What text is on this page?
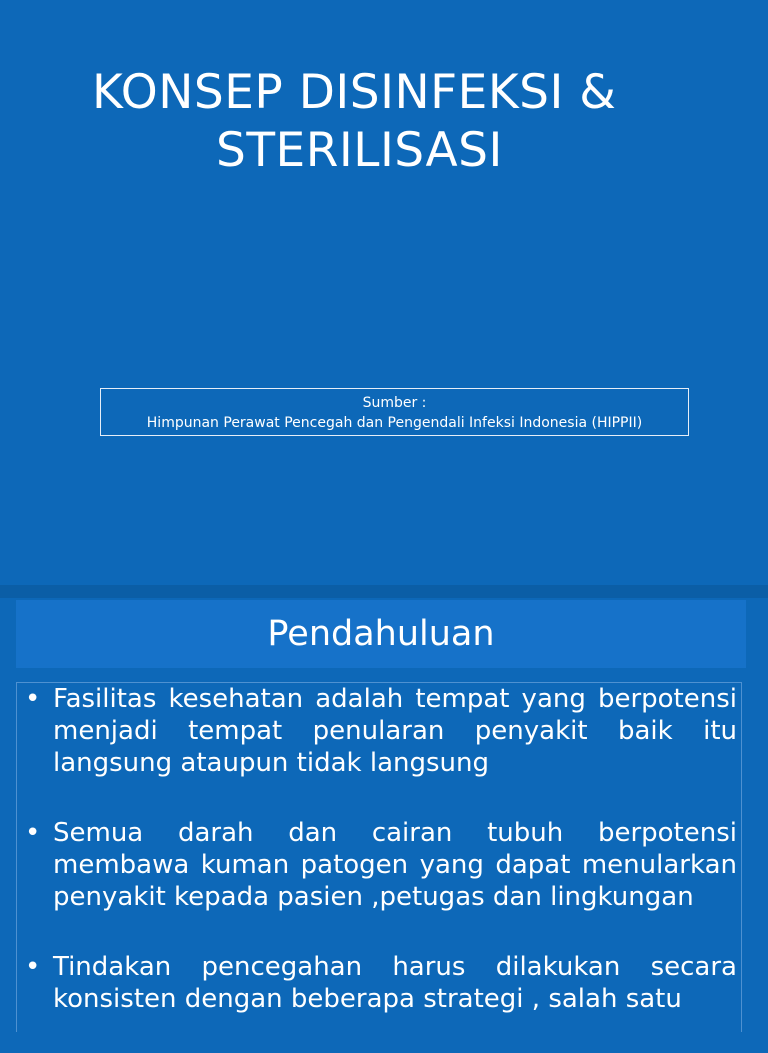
KONSEP DISINFEKSI &
STERILISASI
Sumber :
Himpunan Perawat Pencegah dan Pengendali Infeksi Indonesia (HIPPII)
Pendahuluan
• Fasilitas kesehatan adalah tempat yang berpotensi menjadi tempat penularan penyakit baik itu langsung ataupun tidak langsung
• Semua darah dan cairan tubuh berpotensi membawa kuman patogen yang dapat menularkan penyakit kepada pasien ,petugas dan lingkungan
• Tindakan pencegahan harus dilakukan secara konsisten dengan beberapa strategi , salah satu
